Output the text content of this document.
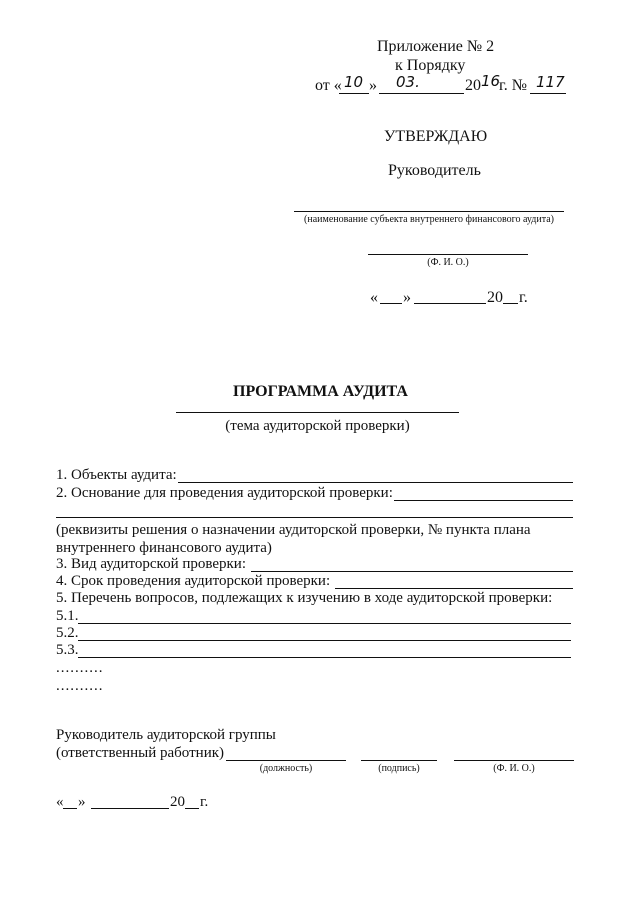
Приложение № 2
к Порядку
от « 10 » 03.	20 16
г. № 117
УТВЕРЖДАЮ
Руководитель
(наименование субъекта внутреннего финансового аудита)
(Ф. И. О.)
« »	20 г.
ПРОГРАММА АУДИТА
(тема аудиторской проверки)
1. Объекты аудита:
2. Основание для проведения аудиторской проверки:
(реквизиты решения о назначении аудиторской проверки, № пункта плана
внутреннего финансового аудита)
3. Вид аудиторской проверки:
4. Срок проведения аудиторской проверки:
5. Перечень вопросов, подлежащих к изучению в ходе аудиторской проверки:
5.1.
5.2.
5.3.
..........
..........
Руководитель аудиторской группы
(ответственный работник)
(должность)	(подпись)	(Ф. И. О.)
« »	20 г.
